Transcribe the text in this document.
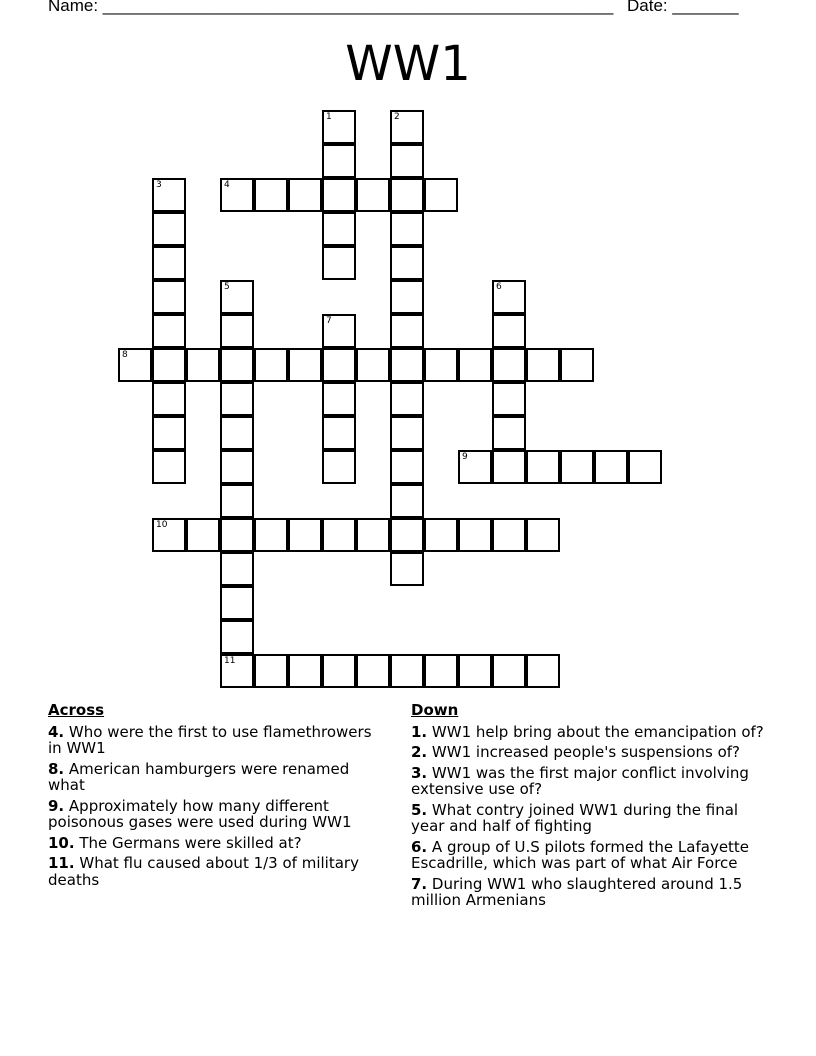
Name: ______________________________________________________ Date: _______
WW1
1	2
3	4
5
11
6
7
8
9
10
Across
4. Who were the first to use flamethrowers in WW1
8. American hamburgers were renamed what
9. Approximately how many different poisonous gases were used during WW1
10. The Germans were skilled at?
11. What flu caused about 1/3 of military deaths
Down
1. WW1 help bring about the emancipation of?
2. WW1 increased people's suspensions of?
3. WW1 was the first major conflict involving extensive use of?
5. What contry joined WW1 during the final year and half of fighting
6. A group of U.S pilots formed the Lafayette Escadrille, which was part of what Air Force
7. During WW1 who slaughtered around 1.5 million Armenians
